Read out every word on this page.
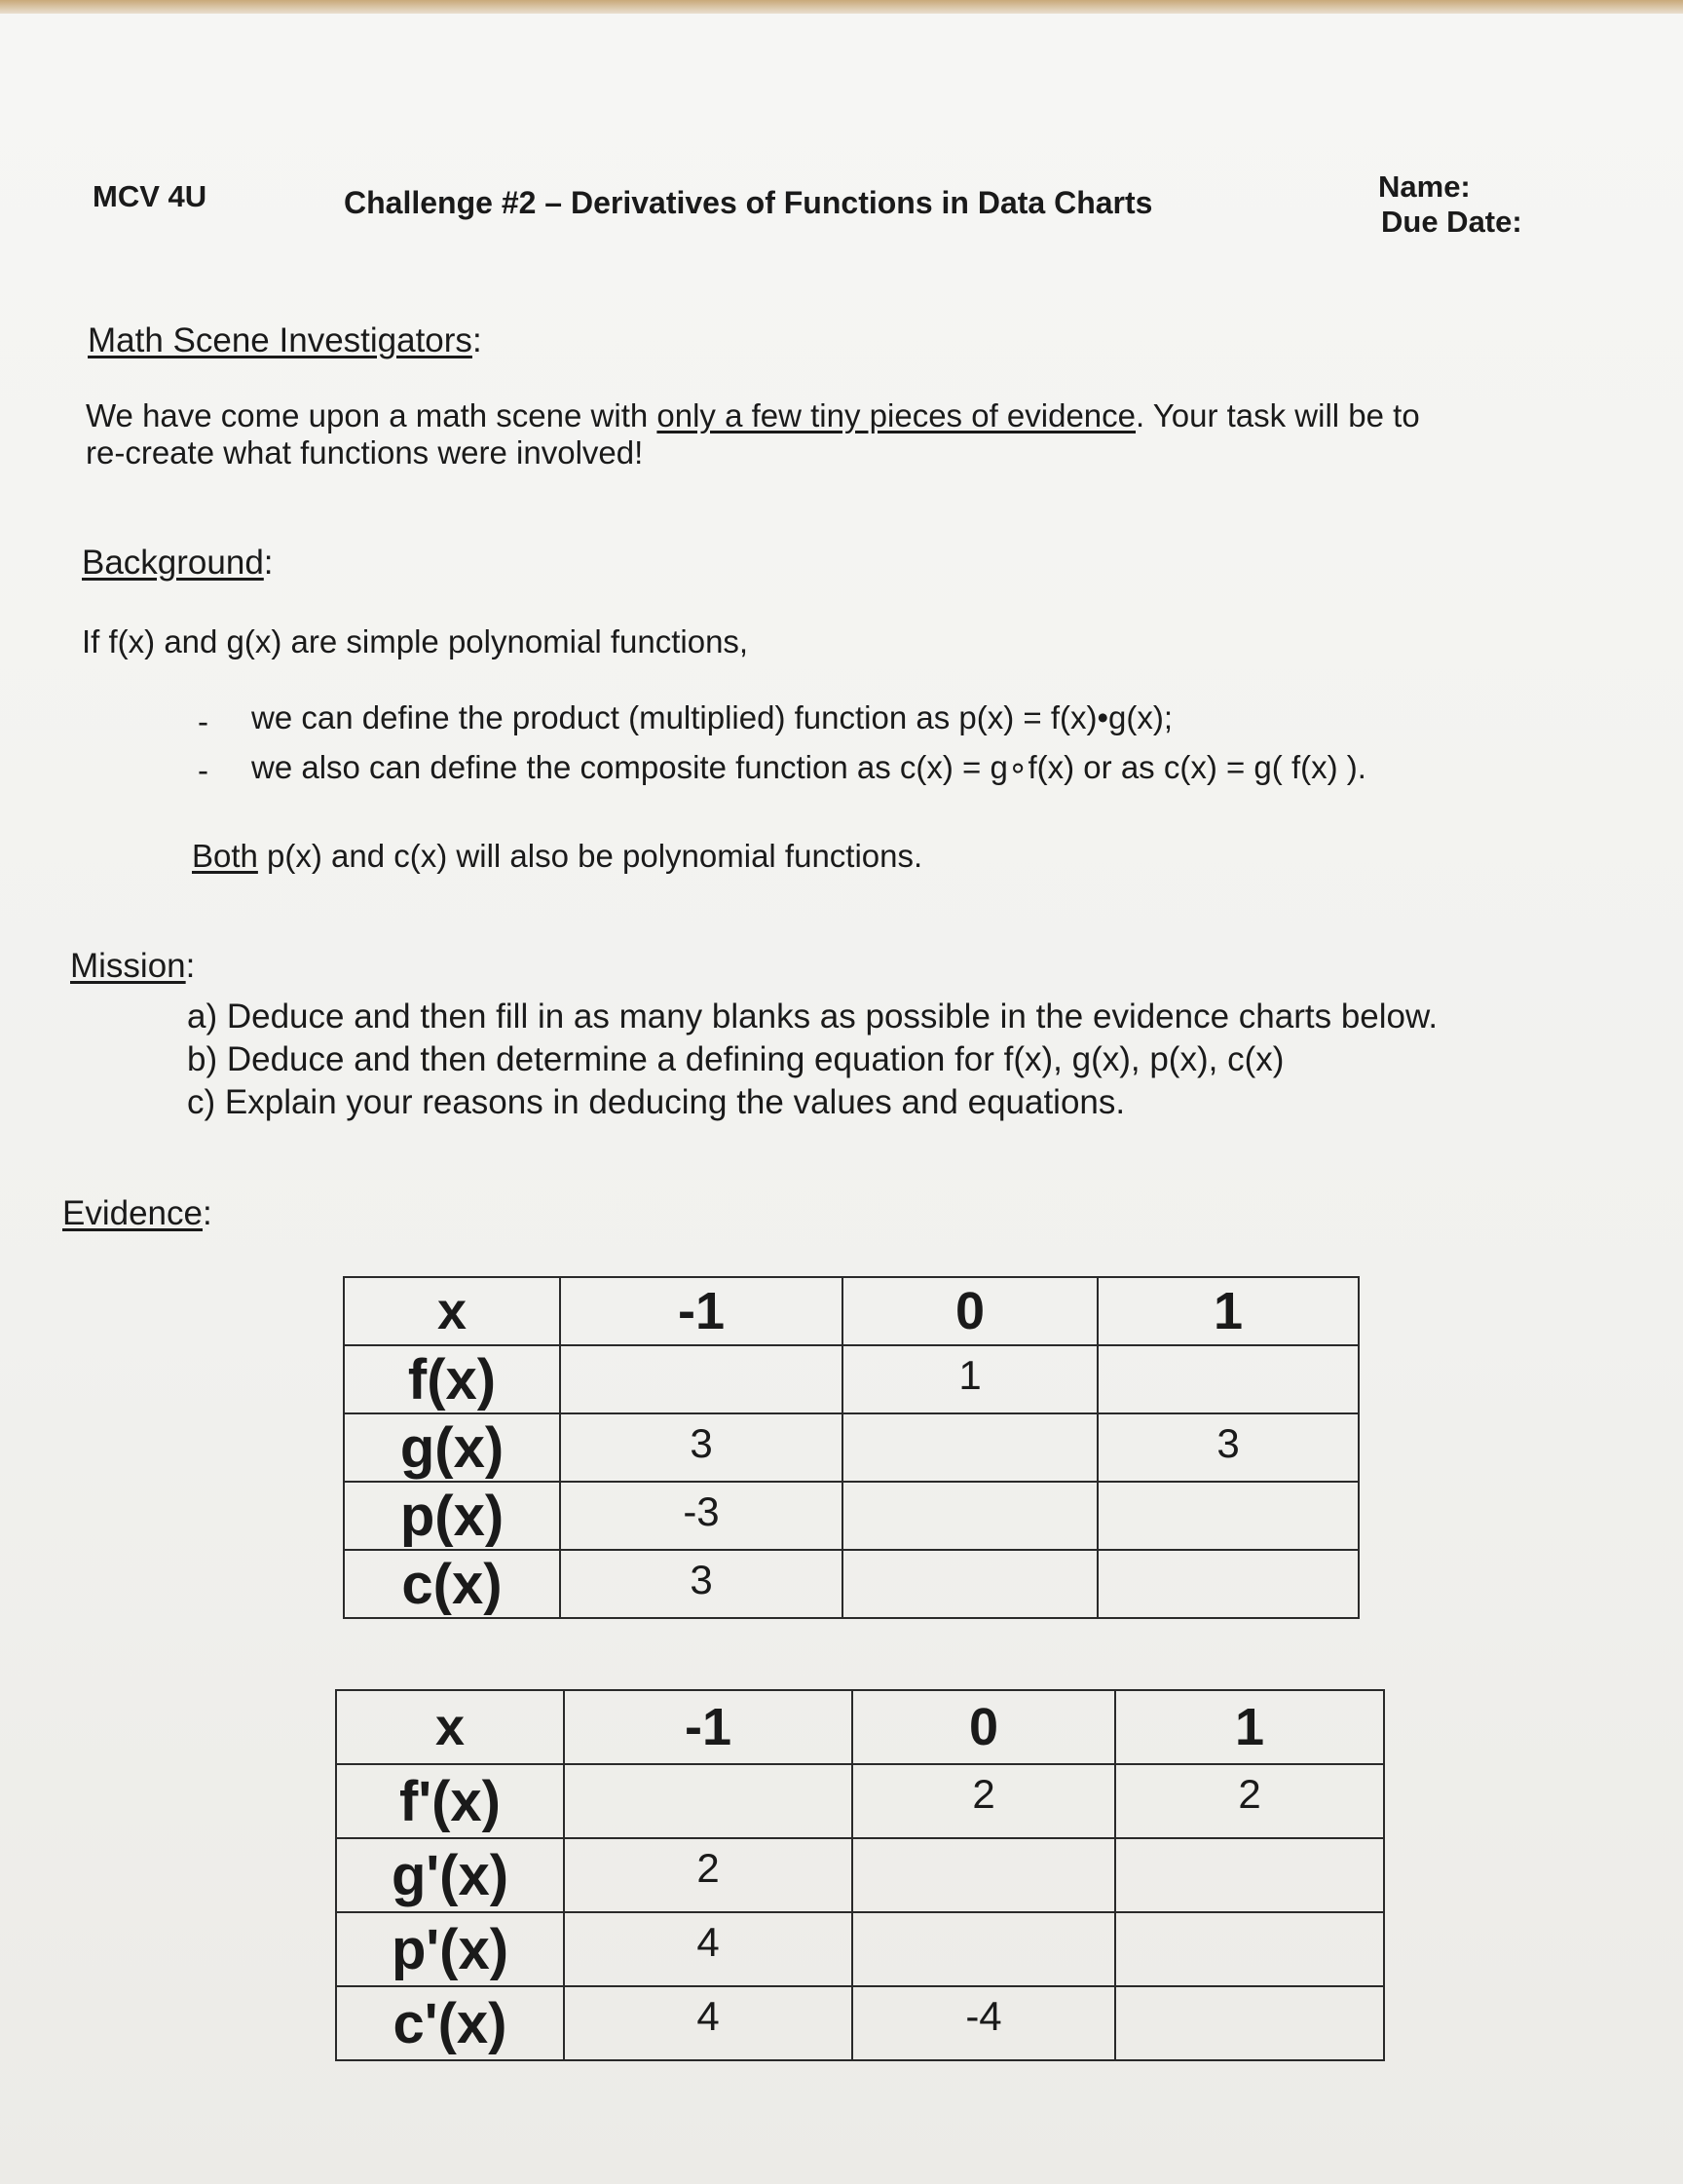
MCV 4U	Challenge #2 – Derivatives of Functions in Data Charts	Name:
Due Date:
Math Scene Investigators:
We have come upon a math scene with only a few tiny pieces of evidence. Your task will be to
re-create what functions were involved!
Background:
If f(x) and g(x) are simple polynomial functions,
- we can define the product (multiplied) function as p(x) = f(x)•g(x);
- we also can define the composite function as c(x) = g∘f(x) or as c(x) = g( f(x) ).
Both p(x) and c(x) will also be polynomial functions.
Mission:
a) Deduce and then fill in as many blanks as possible in the evidence charts below.
b) Deduce and then determine a defining equation for f(x), g(x), p(x), c(x)
c) Explain your reasons in deducing the values and equations.
Evidence:
x	-1	0	1
f(x)		1	
g(x)	3		3
p(x)	-3		
c(x)	3		
x	-1	0	1
f'(x)		2	2
g'(x)	2		
p'(x)	4		
c'(x)	4	-4	
